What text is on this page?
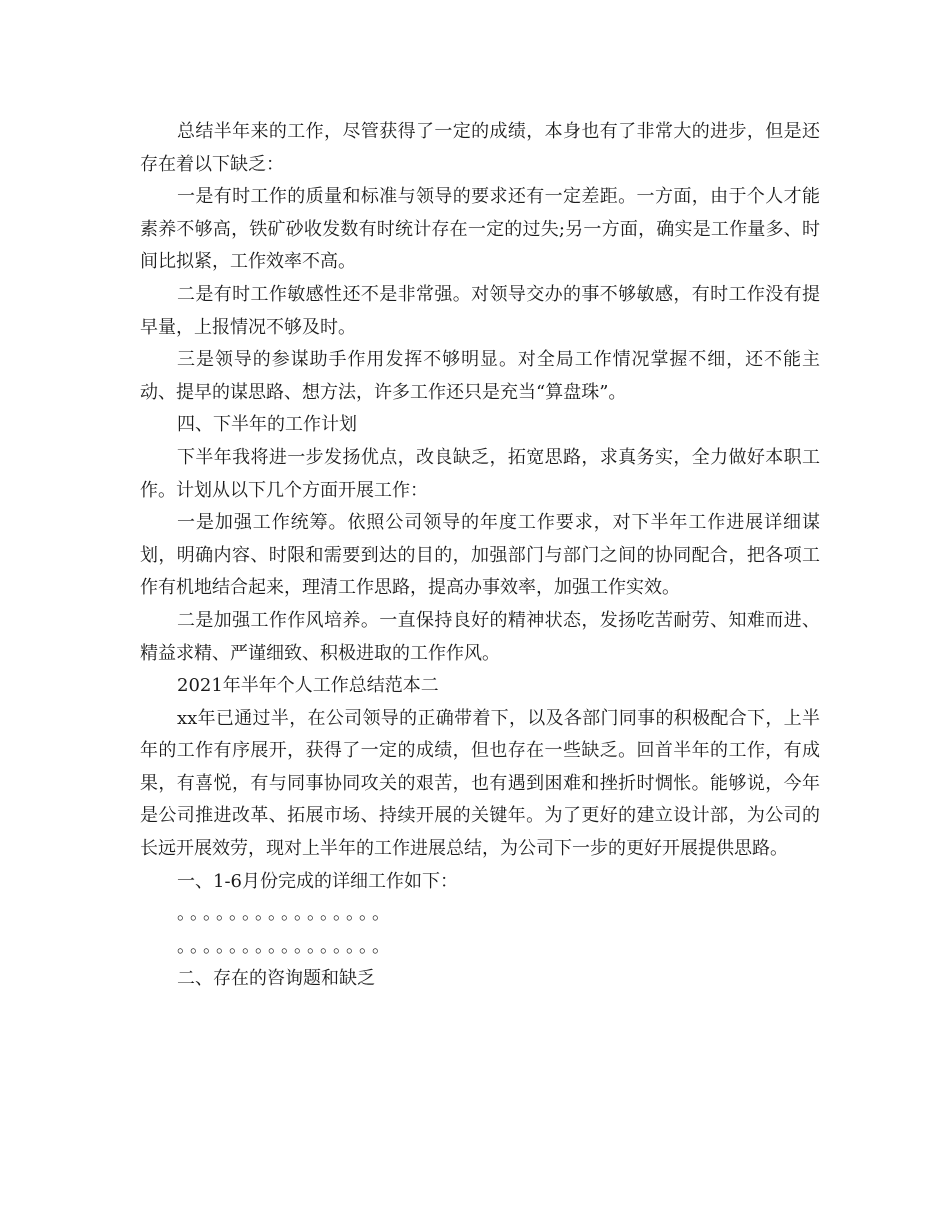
总结半年来的工作，尽管获得了一定的成绩，本身也有了非常大的进步，但是还存在着以下缺乏：

一是有时工作的质量和标准与领导的要求还有一定差距。一方面，由于个人才能素养不够高，铁矿砂收发数有时统计存在一定的过失;另一方面，确实是工作量多、时间比拟紧，工作效率不高。

二是有时工作敏感性还不是非常强。对领导交办的事不够敏感，有时工作没有提早量，上报情况不够及时。

三是领导的参谋助手作用发挥不够明显。对全局工作情况掌握不细，还不能主动、提早的谋思路、想方法，许多工作还只是充当“算盘珠”。

四、下半年的工作计划

下半年我将进一步发扬优点，改良缺乏，拓宽思路，求真务实，全力做好本职工作。计划从以下几个方面开展工作：

一是加强工作统筹。依照公司领导的年度工作要求，对下半年工作进展详细谋划，明确内容、时限和需要到达的目的，加强部门与部门之间的协同配合，把各项工作有机地结合起来，理清工作思路，提高办事效率，加强工作实效。

二是加强工作作风培养。一直保持良好的精神状态，发扬吃苦耐劳、知难而进、精益求精、严谨细致、积极进取的工作作风。

2021年半年个人工作总结范本二

xx年已通过半，在公司领导的正确带着下，以及各部门同事的积极配合下，上半年的工作有序展开，获得了一定的成绩，但也存在一些缺乏。回首半年的工作，有成果，有喜悦，有与同事协同攻关的艰苦，也有遇到困难和挫折时惆怅。能够说，今年是公司推进改革、拓展市场、持续开展的关键年。为了更好的建立设计部，为公司的长远开展效劳，现对上半年的工作进展总结，为公司下一步的更好开展提供思路。

一、1-6月份完成的详细工作如下：

。。。。。。。。。。。。。。。。

。。。。。。。。。。。。。。。。

二、存在的咨询题和缺乏
